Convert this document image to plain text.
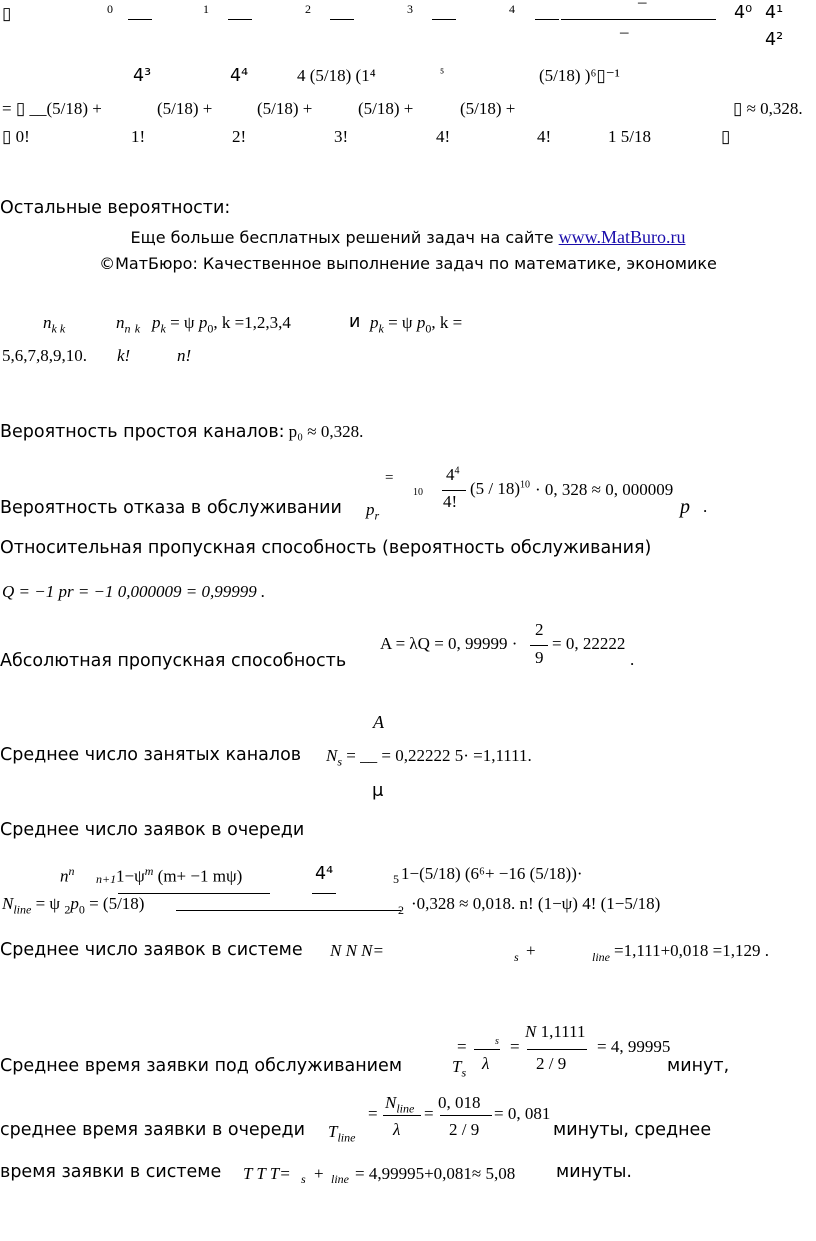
▯	0	1	2	3	4	–
–
4⁰ 4¹
4²
4³	4⁴	4 (5/18) (1⁴	⁵	(5/18) )⁶▯⁻¹
= ▯ __(5/18) +	(5/18) +	(5/18) +	(5/18) +	(5/18) +	▯ ≈ 0,328.
▯ 0!	1!	2!	3!	4!	4!	1 5/18	▯
Остальные вероятности:
Еще больше бесплатных решений задач на сайте www.MatBuro.ru
©МатБюро: Качественное выполнение задач по математике, экономике
$n_{k k}$	$n_n$ $_k$ $p_k = \psi$ $p_0$, k =1,2,3,4	и $p_k = \psi$ $p_0$, k =
5,6,7,8,9,10. k!	n!
Вероятность простоя каналов: p₀ ≈ 0,328.
=
10
$4^4$
4!
(5 / 18)$^{10}$ · 0, 328 ≈ 0, 000009
Вероятность отказа в обслуживании $p_r$	p .
Относительная пропускная способность (вероятность обслуживания)
Q = −1 pr = −1 0,000009 = 0,99999 .
A = λQ = 0, 99999 ·
2
9
= 0, 22222
Абсолютная пропускная способность	.
A
Среднее число занятых каналов $N_s$ = __ = 0,22222 5· =1,1111.
μ
Среднее число заявок в очереди
$n^n$
n+1 $1-\psi^m$ (m+ −1 mψ)	4⁴	5 1−(5/18) (6⁶+ −16 (5/18))·
$N_{line} = \psi$ $_2p_0 = (5/18)$	2 ·0,328 ≈ 0,018. n! (1−ψ) 4! (1−5/18)
Среднее число заявок в системе N N N=	s +	line =1,111+0,018 =1,129 .
N 1,1111
=	s =	= 4, 99995
Среднее время заявки под обслуживанием	$T_s$ λ	2 / 9	минут,
$N_{line}$ 0, 018
=	=	= 0, 081
λ	2 / 9
среднее время заявки в очереди $T_{line}$	минуты, среднее
время заявки в системе T T T= s + line = 4,99995+0,081≈ 5,08 минуты.
